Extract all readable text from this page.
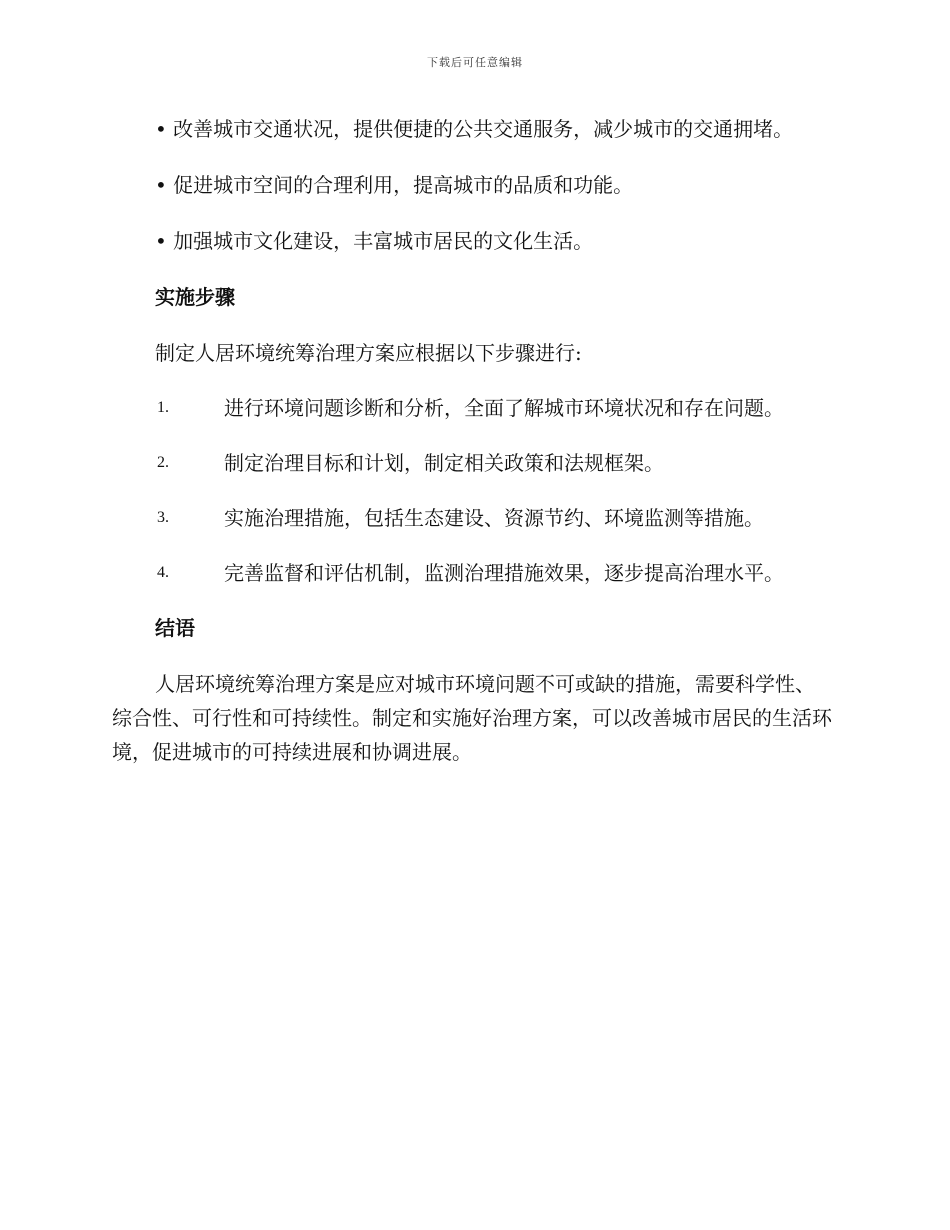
下载后可任意编辑

• 改善城市交通状况，提供便捷的公共交通服务，减少城市的交通拥堵。

• 促进城市空间的合理利用，提高城市的品质和功能。

• 加强城市文化建设，丰富城市居民的文化生活。

实施步骤

制定人居环境统筹治理方案应根据以下步骤进行:

1.	进行环境问题诊断和分析，全面了解城市环境状况和存在问题。
2.	制定治理目标和计划，制定相关政策和法规框架。
3.	实施治理措施，包括生态建设、资源节约、环境监测等措施。
4.	完善监督和评估机制，监测治理措施效果，逐步提高治理水平。
结语

人居环境统筹治理方案是应对城市环境问题不可或缺的措施，需要科学性、综合性、可行性和可持续性。制定和实施好治理方案，可以改善城市居民的生活环境，促进城市的可持续进展和协调进展。
